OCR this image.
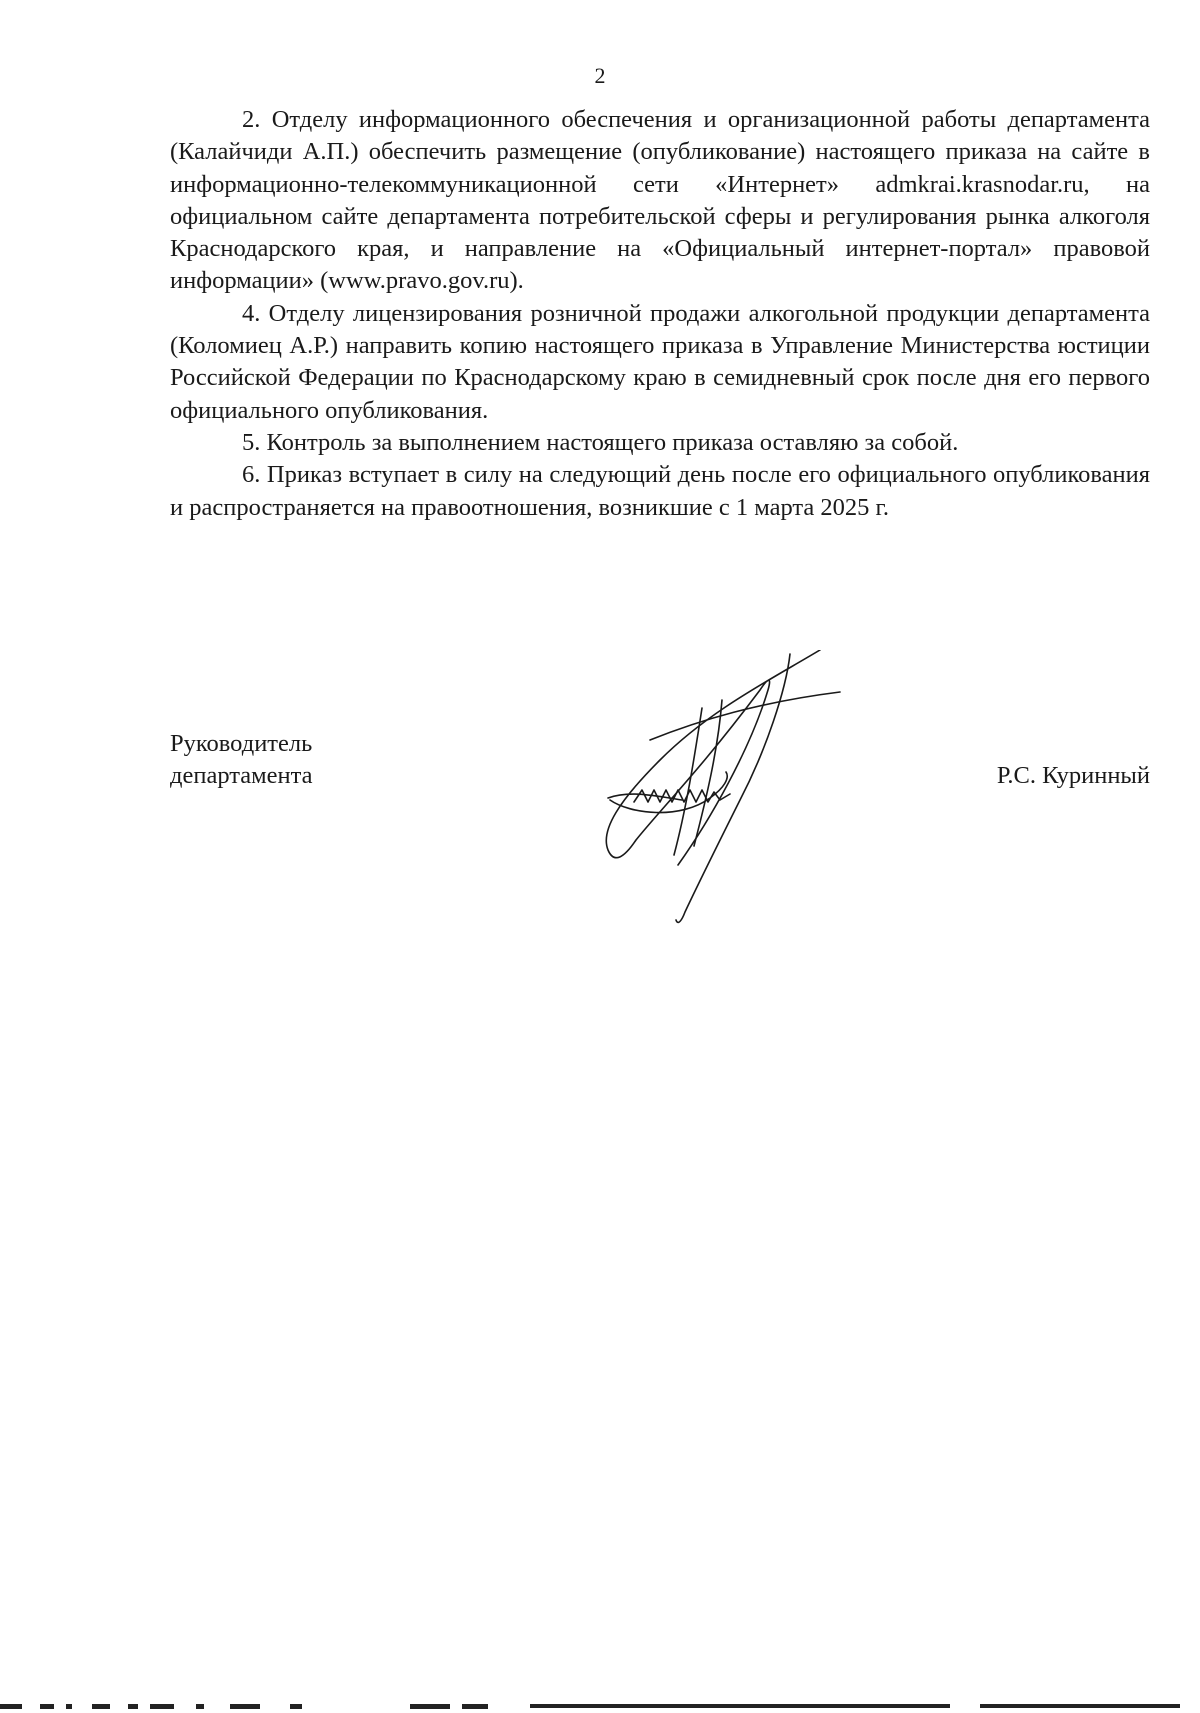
2

2. Отделу информационного обеспечения и организационной работы департамента (Калайчиди А.П.) обеспечить размещение (опубликование) настоящего приказа на сайте в информационно-телекоммуникационной сети «Интернет» admkrai.krasnodar.ru, на официальном сайте департамента потребительской сферы и регулирования рынка алкоголя Краснодарского края, и направление на «Официальный интернет-портал» правовой информации» (www.pravo.gov.ru).

4. Отделу лицензирования розничной продажи алкогольной продукции департамента (Коломиец А.Р.) направить копию настоящего приказа в Управление Министерства юстиции Российской Федерации по Краснодарскому краю в семидневный срок после дня его первого официального опубликования.

5. Контроль за выполнением настоящего приказа оставляю за собой.

6. Приказ вступает в силу на следующий день после его официального опубликования и распространяется на правоотношения, возникшие с 1 марта 2025 г.

Руководитель
департамента	Р.С. Куринный
